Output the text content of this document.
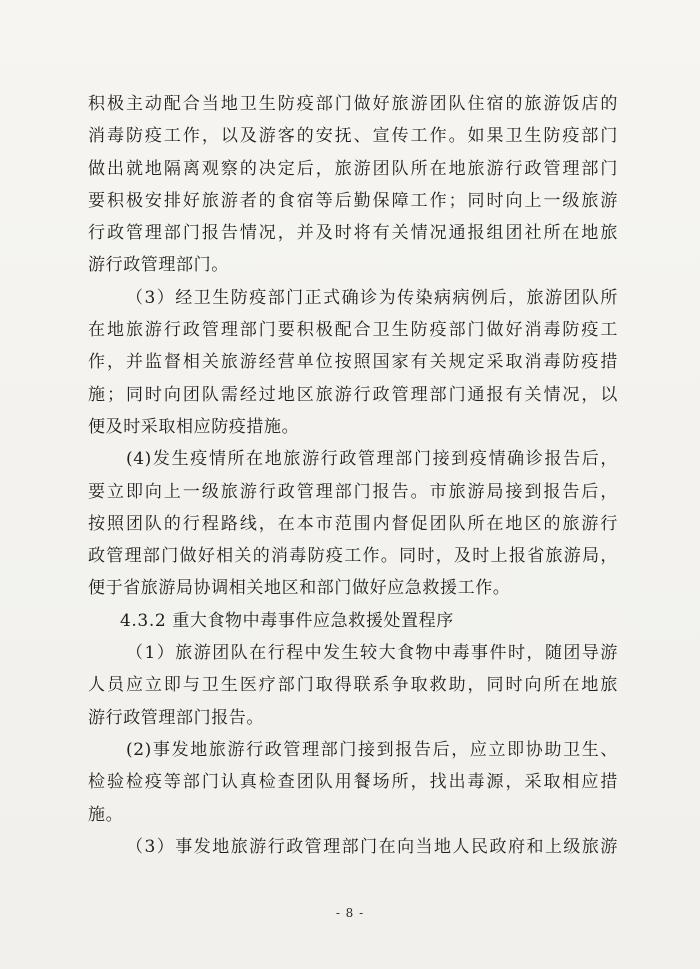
积极主动配合当地卫生防疫部门做好旅游团队住宿的旅游饭店的
消毒防疫工作，以及游客的安抚、宣传工作。如果卫生防疫部门
做出就地隔离观察的决定后，旅游团队所在地旅游行政管理部门
要积极安排好旅游者的食宿等后勤保障工作；同时向上一级旅游
行政管理部门报告情况，并及时将有关情况通报组团社所在地旅
游行政管理部门。
（3）经卫生防疫部门正式确诊为传染病病例后，旅游团队所
在地旅游行政管理部门要积极配合卫生防疫部门做好消毒防疫工
作，并监督相关旅游经营单位按照国家有关规定采取消毒防疫措
施；同时向团队需经过地区旅游行政管理部门通报有关情况，以
便及时采取相应防疫措施。
(4)发生疫情所在地旅游行政管理部门接到疫情确诊报告后，
要立即向上一级旅游行政管理部门报告。市旅游局接到报告后，
按照团队的行程路线，在本市范围内督促团队所在地区的旅游行
政管理部门做好相关的消毒防疫工作。同时，及时上报省旅游局，
便于省旅游局协调相关地区和部门做好应急救援工作。
4.3.2 重大食物中毒事件应急救援处置程序
（1）旅游团队在行程中发生较大食物中毒事件时，随团导游
人员应立即与卫生医疗部门取得联系争取救助，同时向所在地旅
游行政管理部门报告。
(2)事发地旅游行政管理部门接到报告后，应立即协助卫生、
检验检疫等部门认真检查团队用餐场所，找出毒源，采取相应措
施。
（3）事发地旅游行政管理部门在向当地人民政府和上级旅游
- 8 -
